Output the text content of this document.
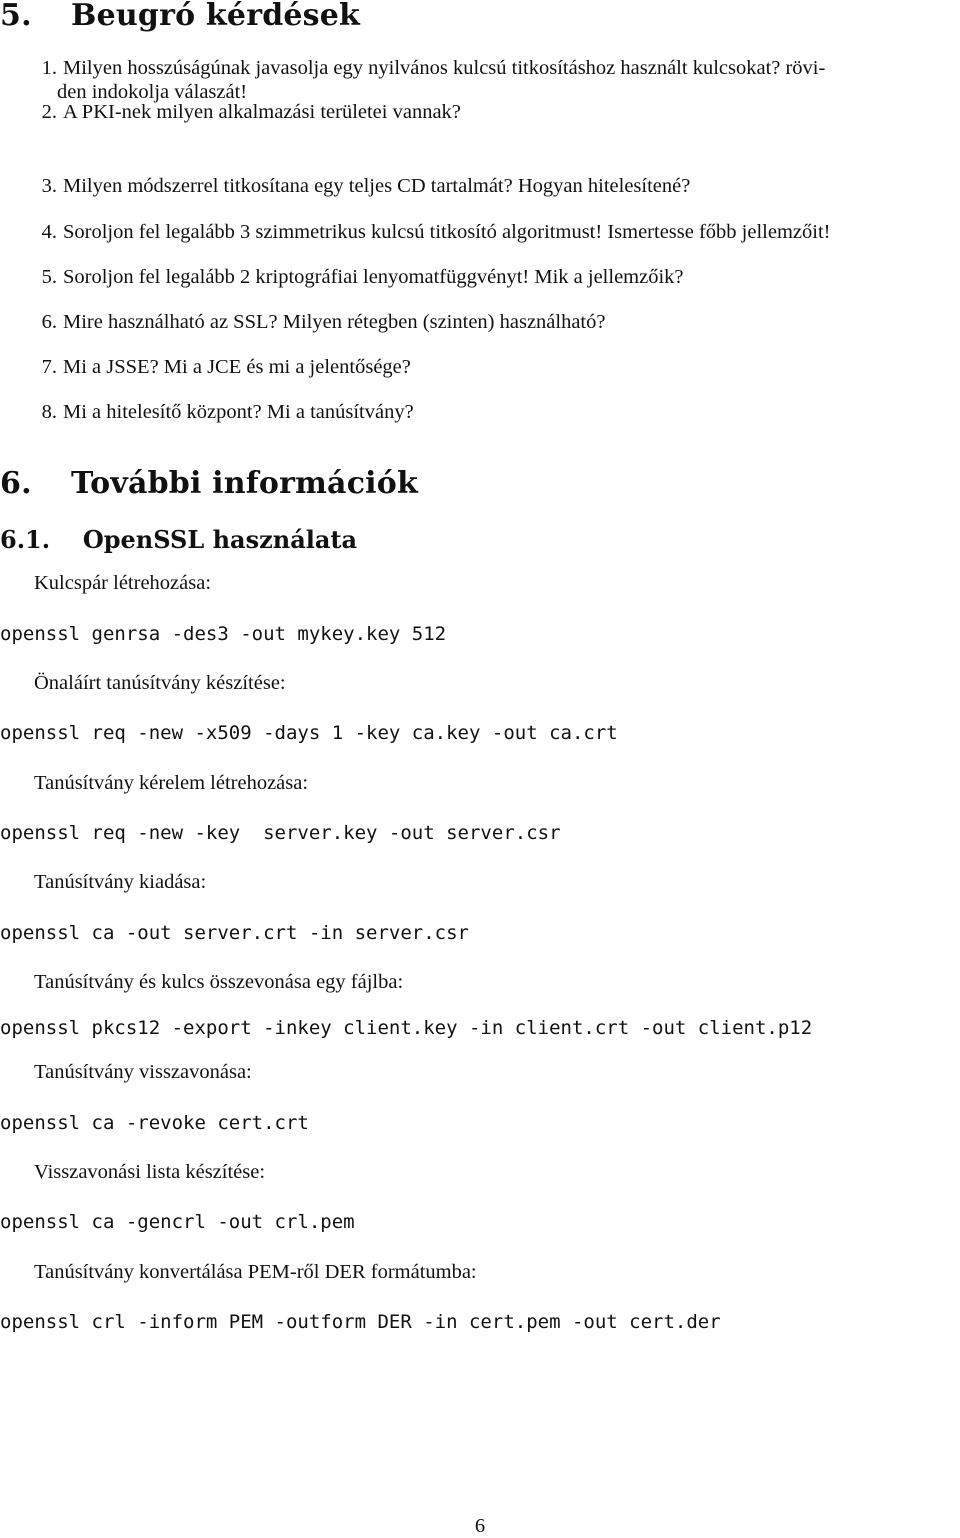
5. Beugró kérdések
1. Milyen hosszúságúnak javasolja egy nyilvános kulcsú titkosításhoz használt kulcsokat? rövi-
den indokolja válaszát!
2. A PKI-nek milyen alkalmazási területei vannak?
3. Milyen módszerrel titkosítana egy teljes CD tartalmát? Hogyan hitelesítené?
4. Soroljon fel legalább 3 szimmetrikus kulcsú titkosító algoritmust! Ismertesse főbb jellemzőit!
5. Soroljon fel legalább 2 kriptográfiai lenyomatfüggvényt! Mik a jellemzőik?
6. Mire használható az SSL? Milyen rétegben (szinten) használható?
7. Mi a JSSE? Mi a JCE és mi a jelentősége?
8. Mi a hitelesítő központ? Mi a tanúsítvány?
6. További információk
6.1. OpenSSL használata
Kulcspár létrehozása:
openssl genrsa -des3 -out mykey.key 512
Önaláírt tanúsítvány készítése:
openssl req -new -x509 -days 1 -key ca.key -out ca.crt
Tanúsítvány kérelem létrehozása:
openssl req -new -key  server.key -out server.csr
Tanúsítvány kiadása:
openssl ca -out server.crt -in server.csr
Tanúsítvány és kulcs összevonása egy fájlba:
openssl pkcs12 -export -inkey client.key -in client.crt -out client.p12
Tanúsítvány visszavonása:
openssl ca -revoke cert.crt
Visszavonási lista készítése:
openssl ca -gencrl -out crl.pem
Tanúsítvány konvertálása PEM-ről DER formátumba:
openssl crl -inform PEM -outform DER -in cert.pem -out cert.der
6
